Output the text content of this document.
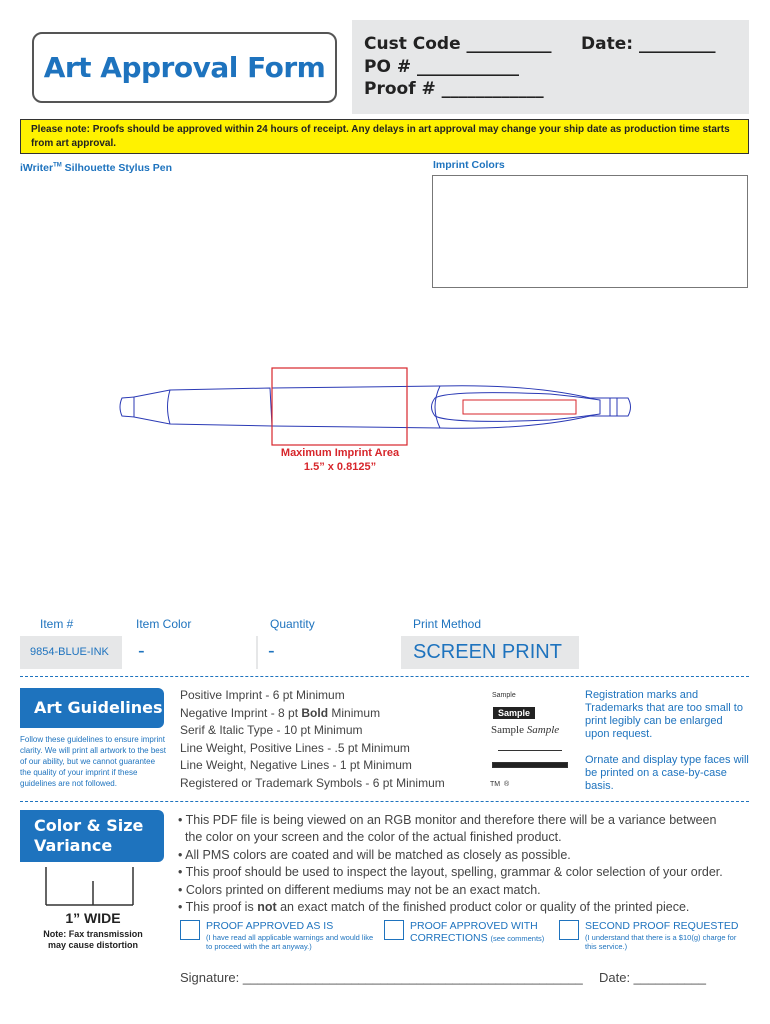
Art Approval Form
Cust Code __________ Date: _________
PO # ____________
Proof # ____________
Please note: Proofs should be approved within 24 hours of receipt. Any delays in art approval may change your ship date as production time starts from art approval.
iWriter™ Silhouette Stylus Pen	Imprint Colors
Maximum Imprint Area
1.5” x 0.8125”
Item #	Item Color	Quantity	Print Method
9854-BLUE-INK -	-	SCREEN PRINT
Art Guidelines
Follow these guidelines to ensure imprint clarity. We will print all artwork to the best of our ability, but we cannot guarantee the quality of your imprint if these guidelines are not followed.
Positive Imprint - 6 pt Minimum
Negative Imprint - 8 pt Bold Minimum
Serif & Italic Type - 10 pt Minimum
Line Weight, Positive Lines - .5 pt Minimum
Line Weight, Negative Lines - 1 pt Minimum
Registered or Trademark Symbols - 6 pt Minimum
Sample
Sample
Sample Sample
TM  ®
Registration marks and Trademarks that are too small to print legibly can be enlarged upon request.
Ornate and display type faces will be printed on a case-by-case basis.
Color & Size
Variance
1” WIDE
Note: Fax transmission
may cause distortion
• This PDF file is being viewed on an RGB monitor and therefore there will be a variance between
the color on your screen and the color of the actual finished product.
• All PMS colors are coated and will be matched as closely as possible.
• This proof should be used to inspect the layout, spelling, grammar & color selection of your order.
• Colors printed on different mediums may not be an exact match.
• This proof is not an exact match of the finished product color or quality of the printed piece.
PROOF APPROVED AS IS
(I have read all applicable warnings and would like to proceed with the art anyway.)
PROOF APPROVED WITH
CORRECTIONS (see comments)
SECOND PROOF REQUESTED
(I understand that there is a $10(g) charge for this service.)
Signature: _______________________________________________ Date: __________
